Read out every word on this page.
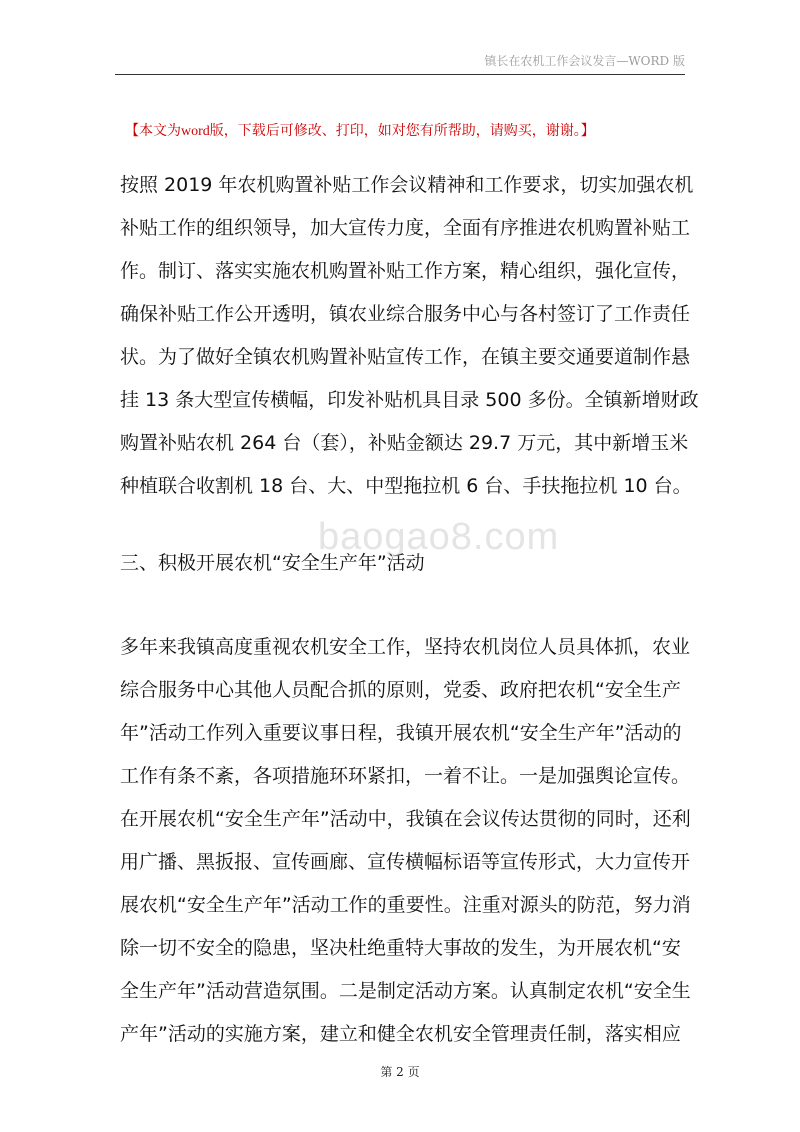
镇长在农机工作会议发言—WORD 版
【本文为word版，下载后可修改、打印，如对您有所帮助，请购买，谢谢。】
按照 2019 年农机购置补贴工作会议精神和工作要求，切实加强农机
补贴工作的组织领导，加大宣传力度，全面有序推进农机购置补贴工
作。制订、落实实施农机购置补贴工作方案，精心组织，强化宣传，
确保补贴工作公开透明，镇农业综合服务中心与各村签订了工作责任
状。为了做好全镇农机购置补贴宣传工作，在镇主要交通要道制作悬
挂 13 条大型宣传横幅，印发补贴机具目录 500 多份。全镇新增财政
购置补贴农机 264 台（套），补贴金额达 29.7 万元，其中新增玉米
种植联合收割机 18 台、大、中型拖拉机 6 台、手扶拖拉机 10 台。
三、积极开展农机“安全生产年”活动
baogao8.com
多年来我镇高度重视农机安全工作，坚持农机岗位人员具体抓，农业
综合服务中心其他人员配合抓的原则，党委、政府把农机“安全生产
年”活动工作列入重要议事日程，我镇开展农机“安全生产年”活动的
工作有条不紊，各项措施环环紧扣，一着不让。一是加强舆论宣传。
在开展农机“安全生产年”活动中，我镇在会议传达贯彻的同时，还利
用广播、黑扳报、宣传画廊、宣传横幅标语等宣传形式，大力宣传开
展农机“安全生产年”活动工作的重要性。注重对源头的防范，努力消
除一切不安全的隐患，坚决杜绝重特大事故的发生，为开展农机“安
全生产年”活动营造氛围。二是制定活动方案。认真制定农机“安全生
产年”活动的实施方案，建立和健全农机安全管理责任制，落实相应
第 2 页
